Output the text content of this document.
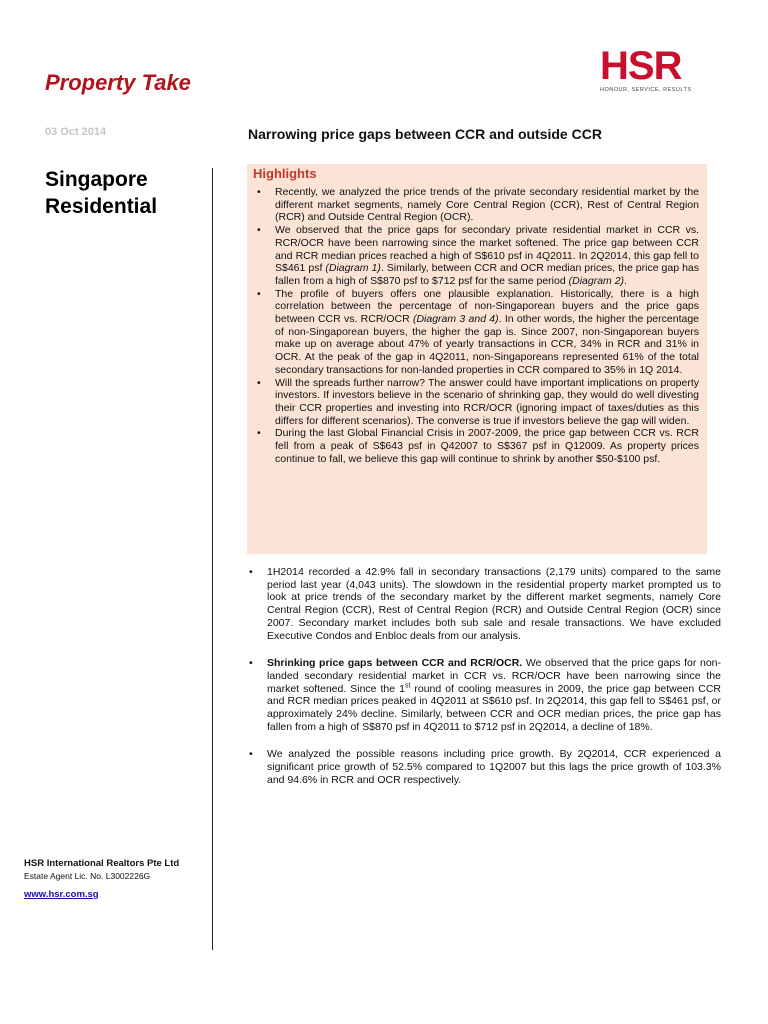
Property Take	HSR
HONOUR, SERVICE, RESULTS
03 Oct 2014	Narrowing price gaps between CCR and outside CCR
Singapore
Residential
Highlights
• Recently, we analyzed the price trends of the private secondary residential market by the different market segments, namely Core Central Region (CCR), Rest of Central Region (RCR) and Outside Central Region (OCR).
• We observed that the price gaps for secondary private residential market in CCR vs. RCR/OCR have been narrowing since the market softened. The price gap between CCR and RCR median prices reached a high of S$610 psf in 4Q2011. In 2Q2014, this gap fell to S$461 psf (Diagram 1). Similarly, between CCR and OCR median prices, the price gap has fallen from a high of S$870 psf to $712 psf for the same period (Diagram 2).
• The profile of buyers offers one plausible explanation. Historically, there is a high correlation between the percentage of non-Singaporean buyers and the price gaps between CCR vs. RCR/OCR (Diagram 3 and 4). In other words, the higher the percentage of non-Singaporean buyers, the higher the gap is. Since 2007, non-Singaporean buyers make up on average about 47% of yearly transactions in CCR, 34% in RCR and 31% in OCR. At the peak of the gap in 4Q2011, non-Singaporeans represented 61% of the total secondary transactions for non-landed properties in CCR compared to 35% in 1Q 2014.
• Will the spreads further narrow? The answer could have important implications on property investors. If investors believe in the scenario of shrinking gap, they would do well divesting their CCR properties and investing into RCR/OCR (ignoring impact of taxes/duties as this differs for different scenarios). The converse is true if investors believe the gap will widen.
• During the last Global Financial Crisis in 2007-2009, the price gap between CCR vs. RCR fell from a peak of S$643 psf in Q42007 to S$367 psf in Q12009. As property prices continue to fall, we believe this gap will continue to shrink by another $50-$100 psf.
• 1H2014 recorded a 42.9% fall in secondary transactions (2,179 units) compared to the same period last year (4,043 units). The slowdown in the residential property market prompted us to look at price trends of the secondary market by the different market segments, namely Core Central Region (CCR), Rest of Central Region (RCR) and Outside Central Region (OCR) since 2007. Secondary market includes both sub sale and resale transactions. We have excluded Executive Condos and Enbloc deals from our analysis.
• Shrinking price gaps between CCR and RCR/OCR. We observed that the price gaps for non-landed secondary residential market in CCR vs. RCR/OCR have been narrowing since the market softened. Since the 1st round of cooling measures in 2009, the price gap between CCR and RCR median prices peaked in 4Q2011 at S$610 psf. In 2Q2014, this gap fell to S$461 psf, or approximately 24% decline. Similarly, between CCR and OCR median prices, the price gap has fallen from a high of S$870 psf in 4Q2011 to $712 psf in 2Q2014, a decline of 18%.
• We analyzed the possible reasons including price growth. By 2Q2014, CCR experienced a significant price growth of 52.5% compared to 1Q2007 but this lags the price growth of 103.3% and 94.6% in RCR and OCR respectively.
HSR International Realtors Pte Ltd
Estate Agent Lic. No. L3002226G
www.hsr.com.sg
